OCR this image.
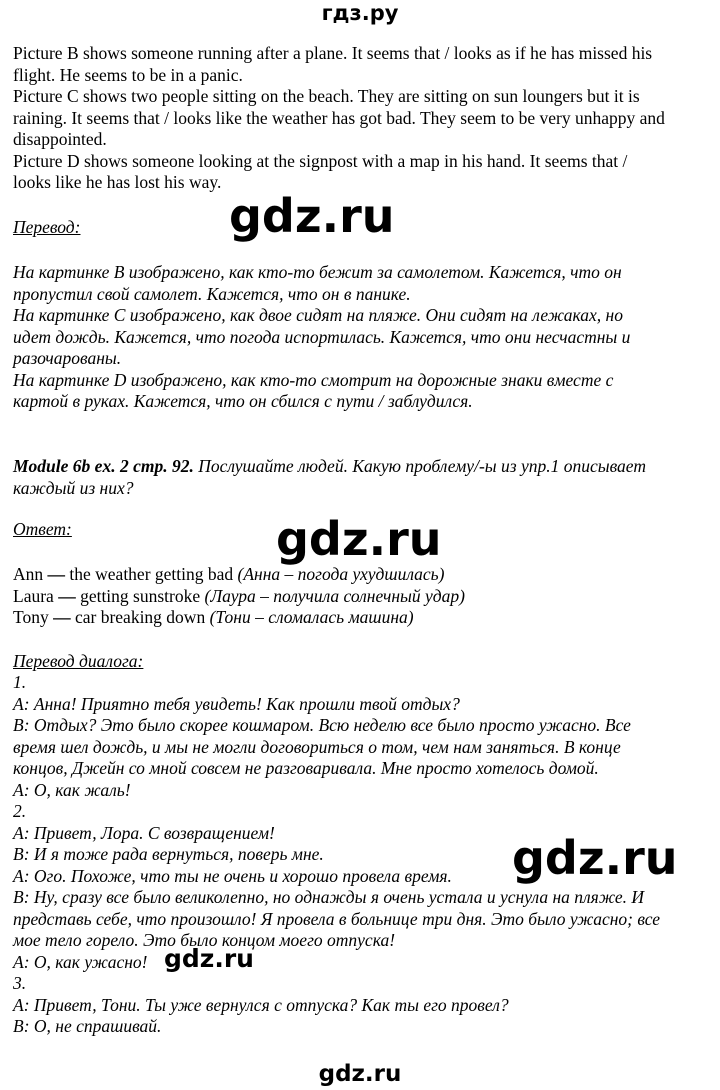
гдз.ру
Picture B shows someone running after a plane. It seems that / looks as if he has missed his
flight. He seems to be in a panic.
Picture C shows two people sitting on the beach. They are sitting on sun loungers but it is
raining. It seems that / looks like the weather has got bad. They seem to be very unhappy and
disappointed.
Picture D shows someone looking at the signpost with a map in his hand. It seems that /
looks like he has lost his way.
Перевод:
На картинке B изображено, как кто-то бежит за самолетом. Кажется, что он
пропустил свой самолет. Кажется, что он в панике.
На картинке C изображено, как двое сидят на пляже. Они сидят на лежаках, но
идет дождь. Кажется, что погода испортилась. Кажется, что они несчастны и
разочарованы.
На картинке D изображено, как кто-то смотрит на дорожные знаки вместе с
картой в руках. Кажется, что он сбился с пути / заблудился.
Module 6b ex. 2 стр. 92. Послушайте людей. Какую проблему/-ы из упр.1 описывает
каждый из них?
Ответ:
Ann — the weather getting bad (Анна – погода ухудшилась)
Laura — getting sunstroke (Лаура – получила солнечный удар)
Tony — car breaking down (Тони – сломалась машина)
Перевод диалога:
1.
A: Анна! Приятно тебя увидеть! Как прошли твой отдых?
B: Отдых? Это было скорее кошмаром. Всю неделю все было просто ужасно. Все
время шел дождь, и мы не могли договориться о том, чем нам заняться. В конце
концов, Джейн со мной совсем не разговаривала. Мне просто хотелось домой.
A: О, как жаль!
2.
A: Привет, Лора. С возвращением!
B: И я тоже рада вернуться, поверь мне.
A: Ого. Похоже, что ты не очень и хорошо провела время.
B: Ну, сразу все было великолепно, но однажды я очень устала и уснула на пляже. И
представь себе, что произошло! Я провела в больнице три дня. Это было ужасно; все
мое тело горело. Это было концом моего отпуска!
A: О, как ужасно!
3.
A: Привет, Тони. Ты уже вернулся с отпуска? Как ты его провел?
B: О, не спрашивай.
gdz.ru
gdz.ru
gdz.ru
gdz.ru
gdz.ru
